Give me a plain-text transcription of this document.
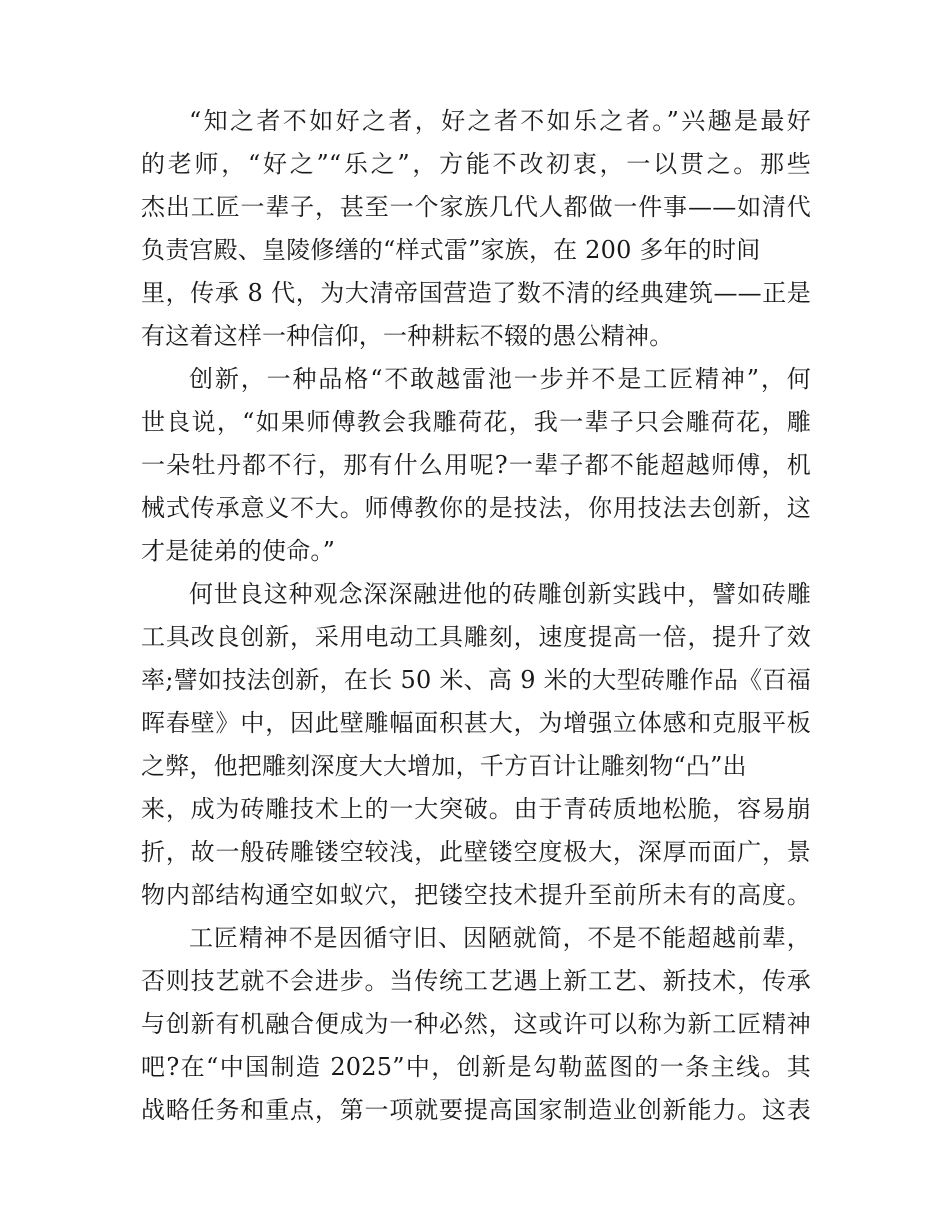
“知之者不如好之者，好之者不如乐之者。”兴趣是最好
的老师，“好之”“乐之”，方能不改初衷，一以贯之。那些
杰出工匠一辈子，甚至一个家族几代人都做一件事——如清代
负责宫殿、皇陵修缮的“样式雷”家族，在 200 多年的时间
里，传承 8 代，为大清帝国营造了数不清的经典建筑——正是
有这着这样一种信仰，一种耕耘不辍的愚公精神。
创新，一种品格“不敢越雷池一步并不是工匠精神”，何
世良说，“如果师傅教会我雕荷花，我一辈子只会雕荷花，雕
一朵牡丹都不行，那有什么用呢?一辈子都不能超越师傅，机
械式传承意义不大。师傅教你的是技法，你用技法去创新，这
才是徒弟的使命。”
何世良这种观念深深融进他的砖雕创新实践中，譬如砖雕
工具改良创新，采用电动工具雕刻，速度提高一倍，提升了效
率;譬如技法创新，在长 50 米、高 9 米的大型砖雕作品《百福
晖春壁》中，因此壁雕幅面积甚大，为增强立体感和克服平板
之弊，他把雕刻深度大大增加，千方百计让雕刻物“凸”出
来，成为砖雕技术上的一大突破。由于青砖质地松脆，容易崩
折，故一般砖雕镂空较浅，此壁镂空度极大，深厚而面广，景
物内部结构通空如蚁穴，把镂空技术提升至前所未有的高度。
工匠精神不是因循守旧、因陋就简，不是不能超越前辈，
否则技艺就不会进步。当传统工艺遇上新工艺、新技术，传承
与创新有机融合便成为一种必然，这或许可以称为新工匠精神
吧?在“中国制造 2025”中，创新是勾勒蓝图的一条主线。其
战略任务和重点，第一项就要提高国家制造业创新能力。这表
